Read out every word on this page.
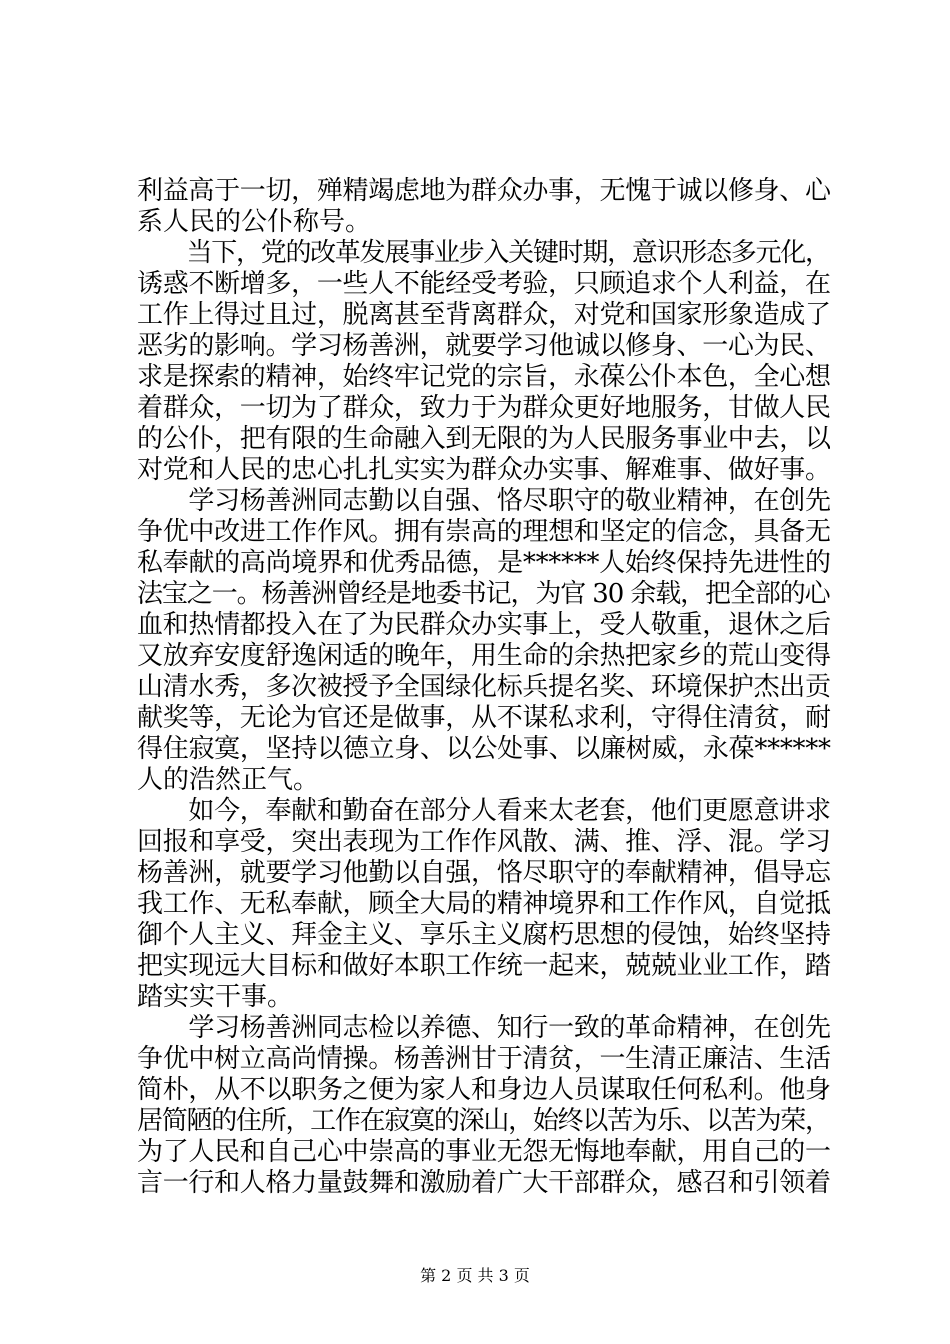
利益高于一切，殚精竭虑地为群众办事，无愧于诚以修身、心
系人民的公仆称号。
　　当下，党的改革发展事业步入关键时期，意识形态多元化，
诱惑不断增多，一些人不能经受考验，只顾追求个人利益，在
工作上得过且过，脱离甚至背离群众，对党和国家形象造成了
恶劣的影响。学习杨善洲，就要学习他诚以修身、一心为民、
求是探索的精神，始终牢记党的宗旨，永葆公仆本色，全心想
着群众，一切为了群众，致力于为群众更好地服务，甘做人民
的公仆，把有限的生命融入到无限的为人民服务事业中去，以
对党和人民的忠心扎扎实实为群众办实事、解难事、做好事。
　　学习杨善洲同志勤以自强、恪尽职守的敬业精神，在创先
争优中改进工作作风。拥有崇高的理想和坚定的信念，具备无
私奉献的高尚境界和优秀品德，是******人始终保持先进性的
法宝之一。杨善洲曾经是地委书记，为官 30 余载，把全部的心
血和热情都投入在了为民群众办实事上，受人敬重，退休之后
又放弃安度舒逸闲适的晚年，用生命的余热把家乡的荒山变得
山清水秀，多次被授予全国绿化标兵提名奖、环境保护杰出贡
献奖等，无论为官还是做事，从不谋私求利，守得住清贫，耐
得住寂寞，坚持以德立身、以公处事、以廉树威，永葆******
人的浩然正气。
　　如今，奉献和勤奋在部分人看来太老套，他们更愿意讲求
回报和享受，突出表现为工作作风散、满、推、浮、混。学习
杨善洲，就要学习他勤以自强，恪尽职守的奉献精神，倡导忘
我工作、无私奉献，顾全大局的精神境界和工作作风，自觉抵
御个人主义、拜金主义、享乐主义腐朽思想的侵蚀，始终坚持
把实现远大目标和做好本职工作统一起来，兢兢业业工作，踏
踏实实干事。
　　学习杨善洲同志检以养德、知行一致的革命精神，在创先
争优中树立高尚情操。杨善洲甘于清贫，一生清正廉洁、生活
简朴，从不以职务之便为家人和身边人员谋取任何私利。他身
居简陋的住所，工作在寂寞的深山，始终以苦为乐、以苦为荣，
为了人民和自己心中崇高的事业无怨无悔地奉献，用自己的一
言一行和人格力量鼓舞和激励着广大干部群众，感召和引领着
第 2 页 共 3 页
